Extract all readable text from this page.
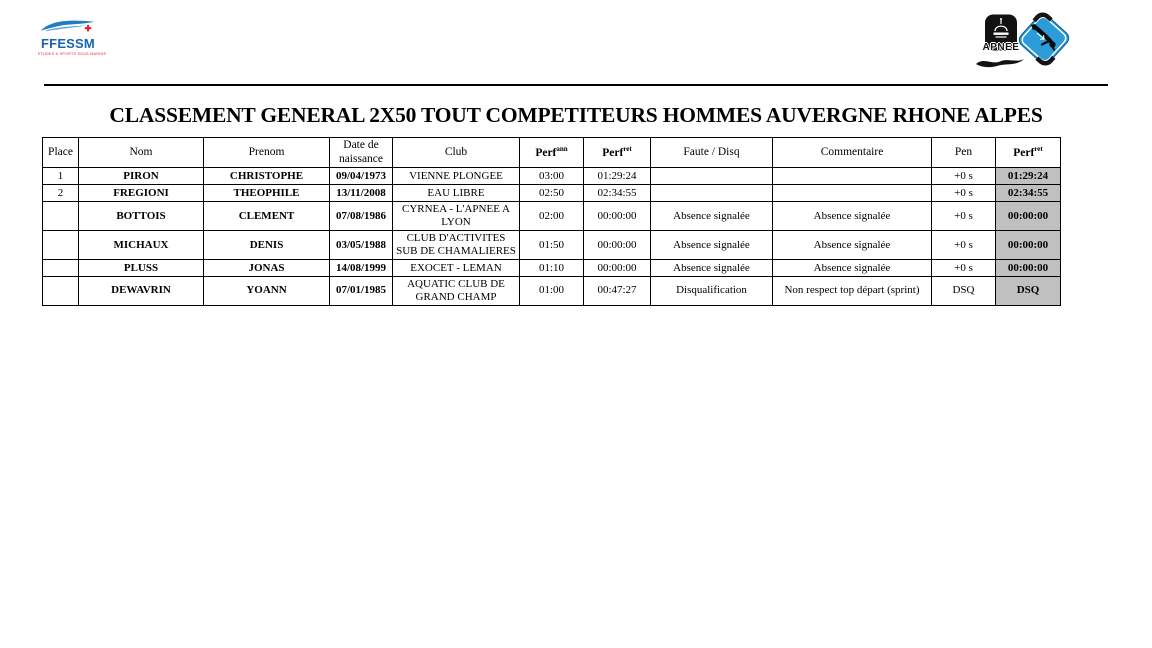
FFESSM
ETUDES & SPORTS SOUS-MARINS
APNEE
CLASSEMENT GENERAL 2X50 TOUT COMPETITEURS HOMMES AUVERGNE RHONE ALPES
Place	Nom	Prenom	Date de naissance	Club	Perf$^{ann}$	Perf$^{ret}$	Faute / Disq	Commentaire	Pen	Perf$^{ret}$
1	PIRON	CHRISTOPHE	09/04/1973	VIENNE PLONGEE	03:00	01:29:24			+0 s	01:29:24
2	FREGIONI	THEOPHILE	13/11/2008	EAU LIBRE	02:50	02:34:55			+0 s	02:34:55
	BOTTOIS	CLEMENT	07/08/1986	CYRNEA - L'APNEE A LYON	02:00	00:00:00	Absence signalée	Absence signalée	+0 s	00:00:00
	MICHAUX	DENIS	03/05/1988	CLUB D'ACTIVITES SUB DE CHAMALIERES	01:50	00:00:00	Absence signalée	Absence signalée	+0 s	00:00:00
	PLUSS	JONAS	14/08/1999	EXOCET - LEMAN	01:10	00:00:00	Absence signalée	Absence signalée	+0 s	00:00:00
	DEWAVRIN	YOANN	07/01/1985	AQUATIC CLUB DE GRAND CHAMP	01:00	00:47:27	Disqualification	Non respect top départ (sprint)	DSQ	DSQ
